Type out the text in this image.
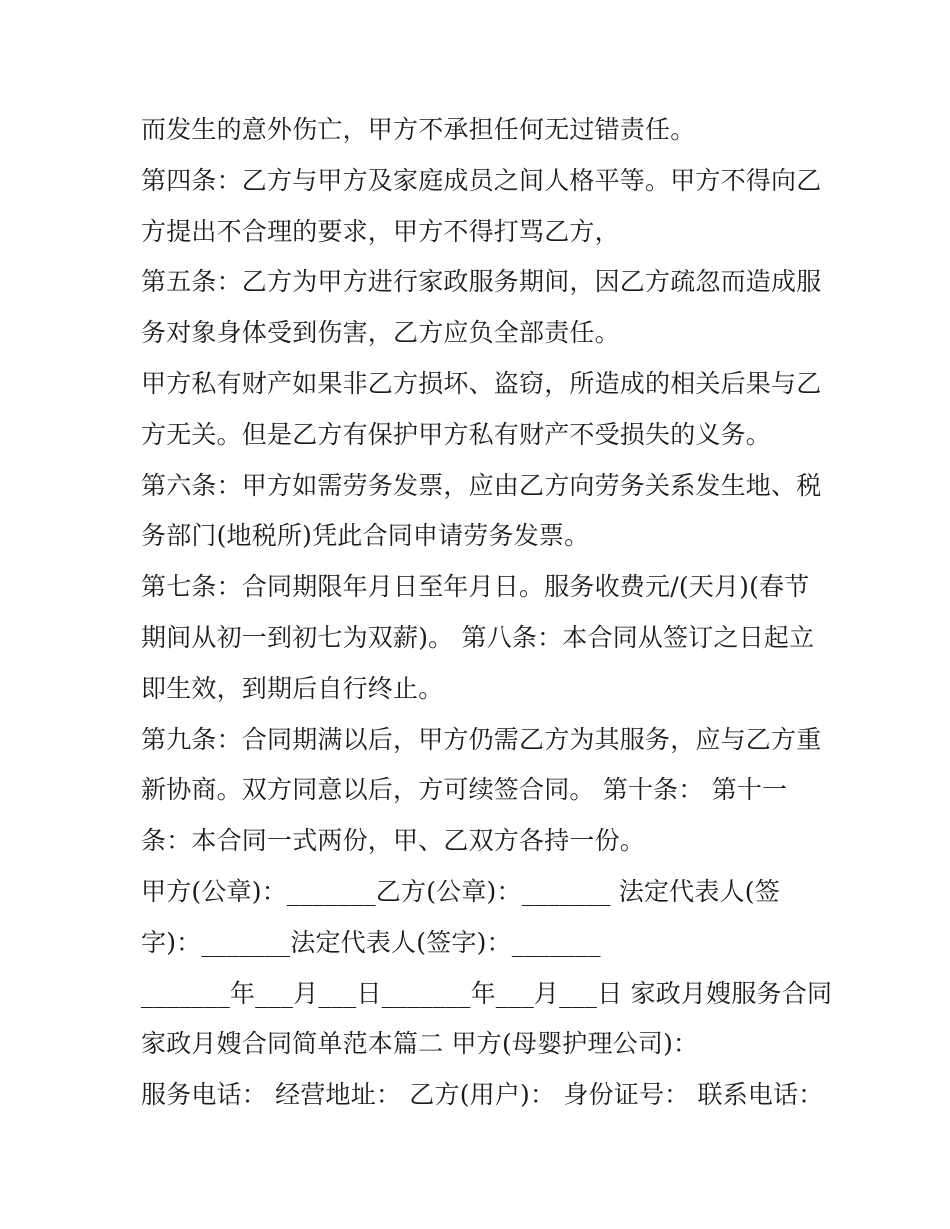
而发生的意外伤亡，甲方不承担任何无过错责任。
第四条：乙方与甲方及家庭成员之间人格平等。甲方不得向乙
方提出不合理的要求，甲方不得打骂乙方，
第五条：乙方为甲方进行家政服务期间，因乙方疏忽而造成服
务对象身体受到伤害，乙方应负全部责任。
甲方私有财产如果非乙方损坏、盗窃，所造成的相关后果与乙
方无关。但是乙方有保护甲方私有财产不受损失的义务。
第六条：甲方如需劳务发票，应由乙方向劳务关系发生地、税
务部门(地税所)凭此合同申请劳务发票。
第七条：合同期限年月日至年月日。服务收费元/(天月)(春节
期间从初一到初七为双薪)。 第八条：本合同从签订之日起立
即生效，到期后自行终止。
第九条：合同期满以后，甲方仍需乙方为其服务，应与乙方重
新协商。双方同意以后，方可续签合同。 第十条： 第十一
条：本合同一式两份，甲、乙双方各持一份。
甲方(公章)：_______乙方(公章)：_______ 法定代表人(签
字)：_______法定代表人(签字)：_______
_______年___月___日_______年___月___日 家政月嫂服务合同
家政月嫂合同简单范本篇二 甲方(母婴护理公司)：
服务电话： 经营地址： 乙方(用户)： 身份证号： 联系电话：
